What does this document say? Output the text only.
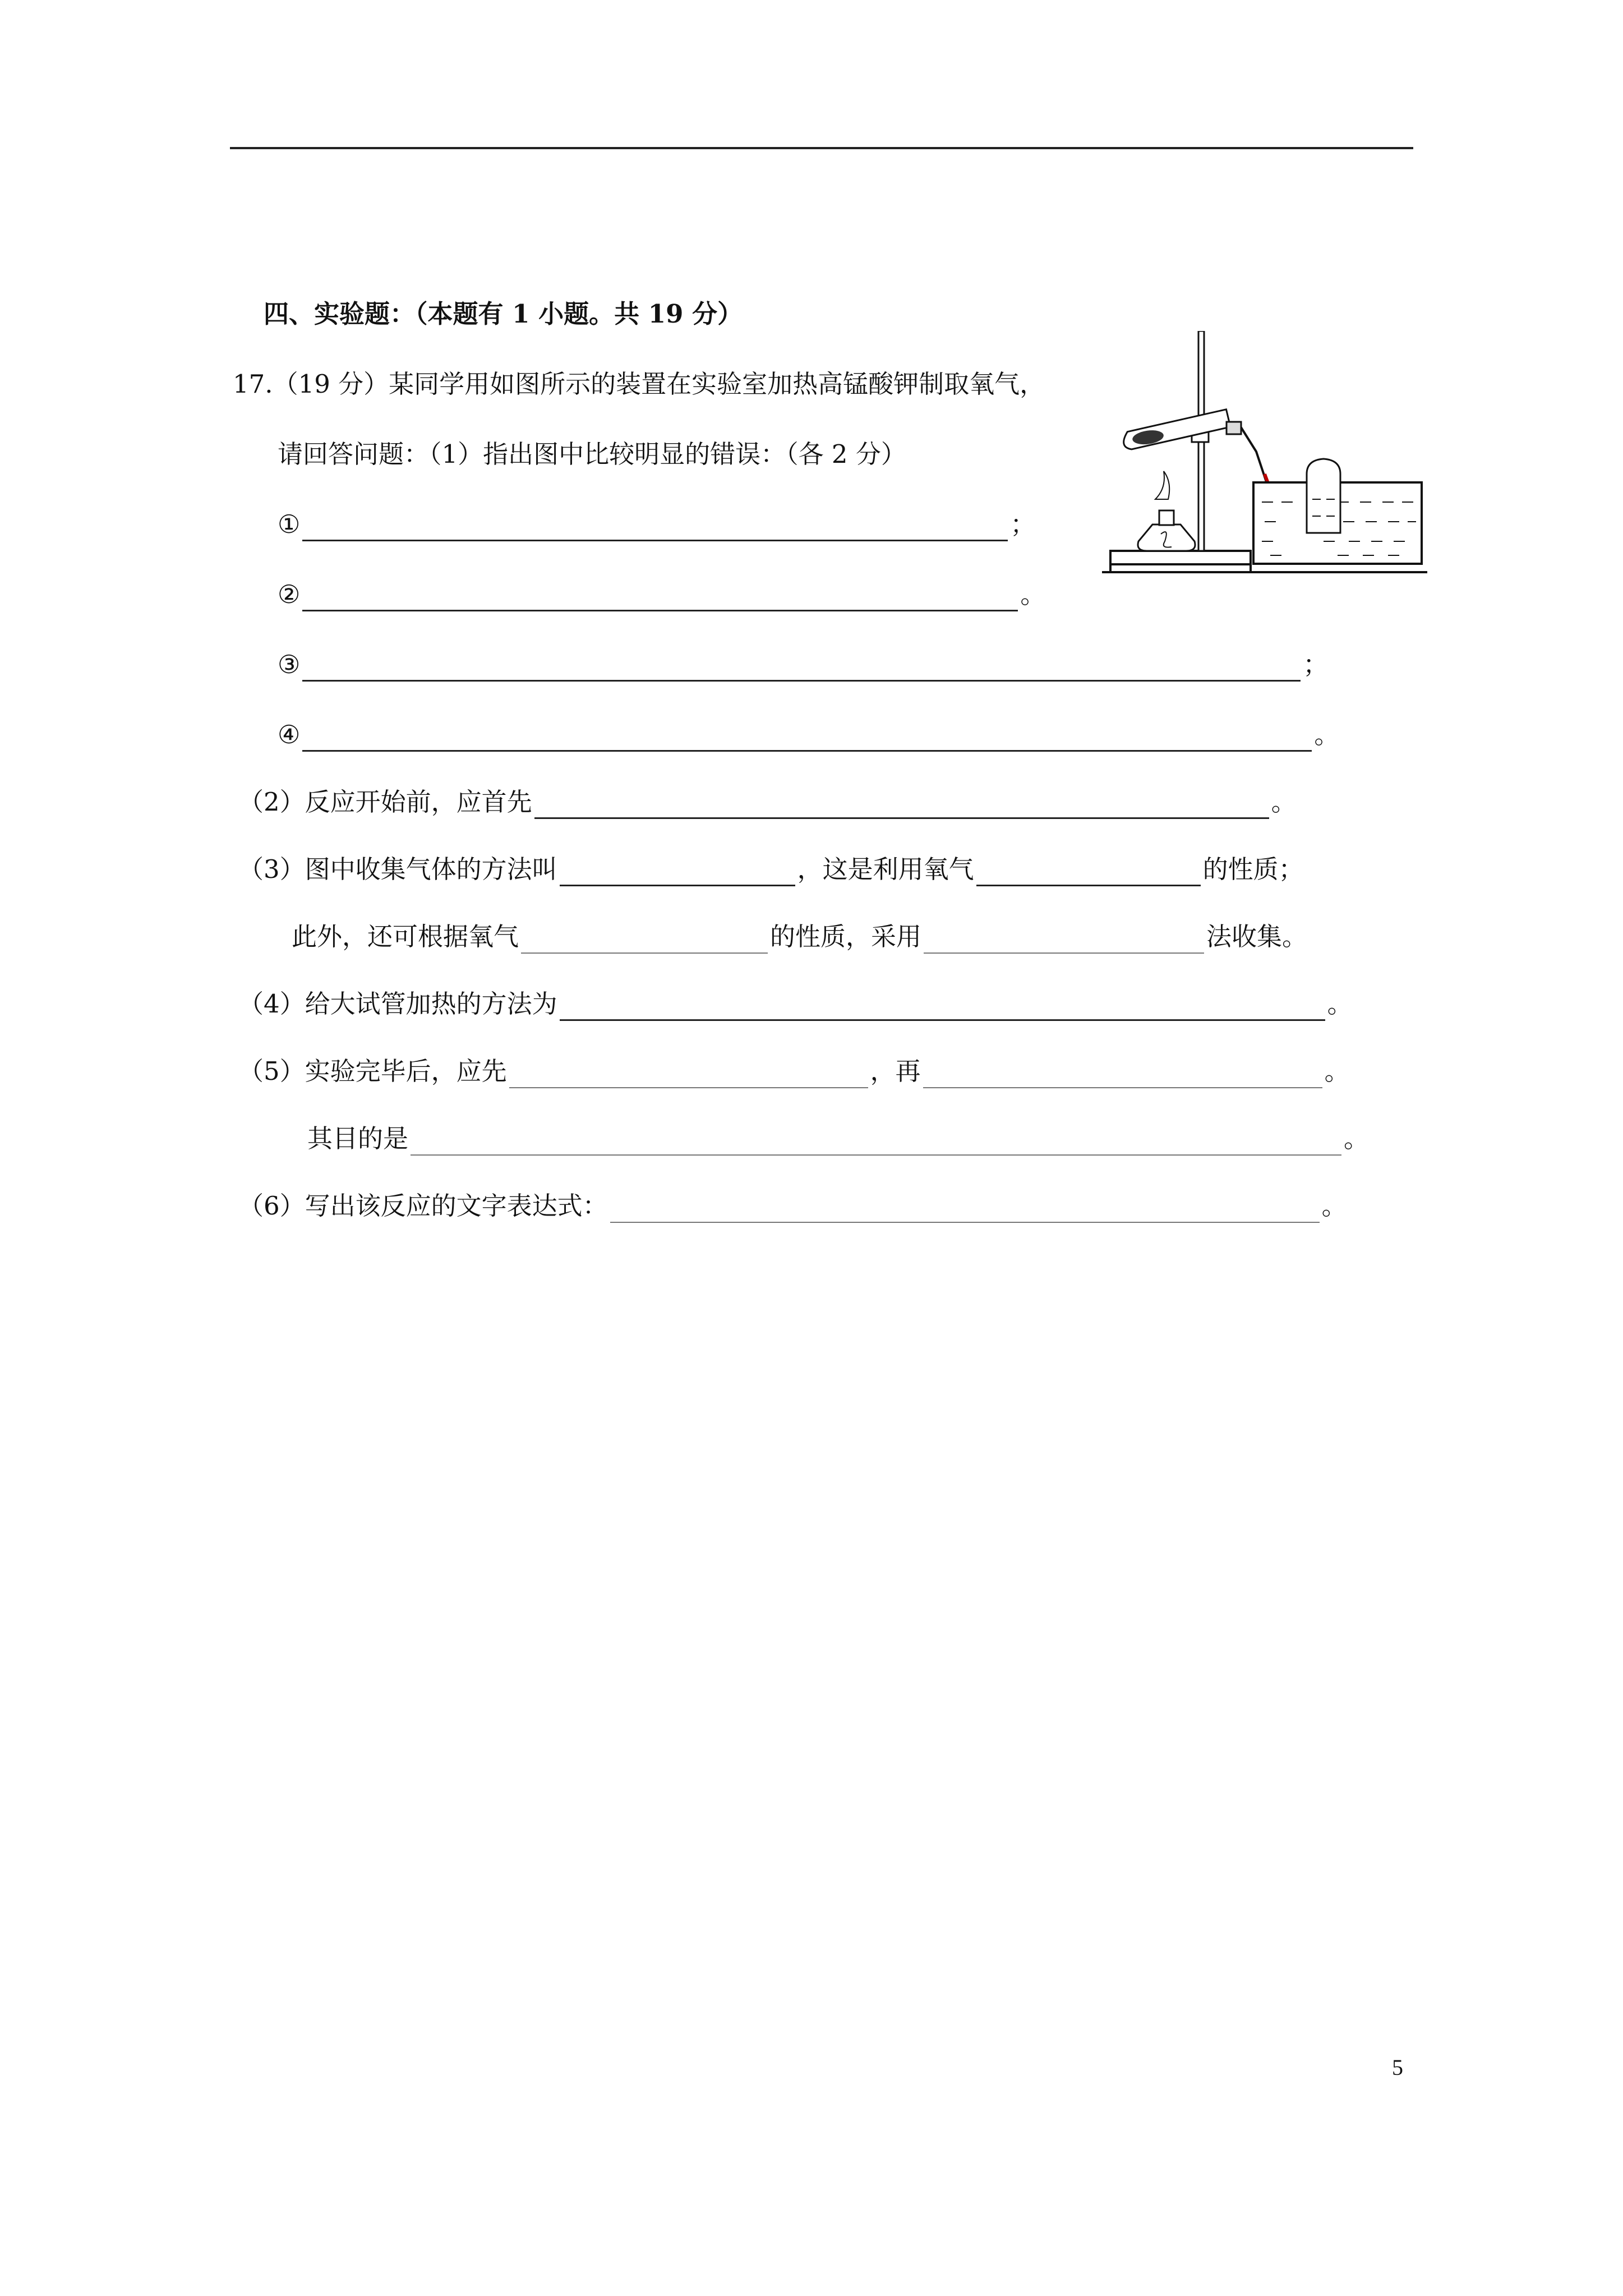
四、实验题：（本题有 1 小题。共 19 分）
17.（19 分）某同学用如图所示的装置在实验室加热高锰酸钾制取氧气，
请回答问题：（1）指出图中比较明显的错误：（各 2 分）
①	；
②	。
③	；
④	。
（2）反应开始前，应首先	。
（3）图中收集气体的方法叫	，这是利用氧气	的性质；
此外，还可根据氧气	的性质，采用	法收集。
（4）给大试管加热的方法为	。
（5）实验完毕后，应先	，再	。
其目的是	。
（6）写出该反应的文字表达式：	。
5
